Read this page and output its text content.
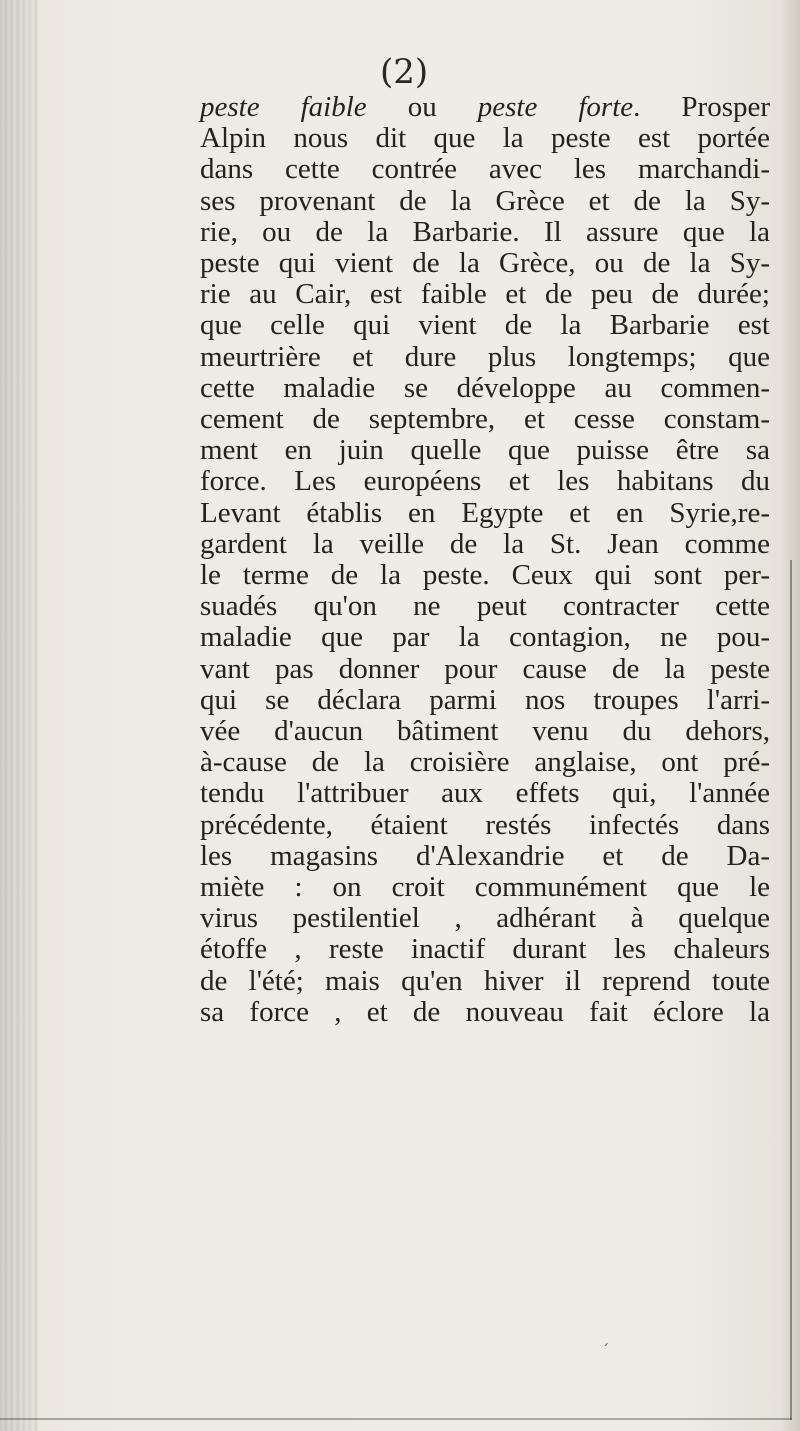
(2)

peste faible ou peste forte. Prosper
Alpin nous dit que la peste est portée
dans cette contrée avec les marchandi-
ses provenant de la Grèce et de la Sy-
rie, ou de la Barbarie. Il assure que la
peste qui vient de la Grèce, ou de la Sy-
rie au Cair, est faible et de peu de durée;
que celle qui vient de la Barbarie est
meurtrière et dure plus longtemps; que
cette maladie se développe au commen-
cement de septembre, et cesse constam-
ment en juin quelle que puisse être sa
force. Les européens et les habitans du
Levant établis en Egypte et en Syrie,re-
gardent la veille de la St. Jean comme
le terme de la peste. Ceux qui sont per-
suadés qu'on ne peut contracter cette
maladie que par la contagion, ne pou-
vant pas donner pour cause de la peste
qui se déclara parmi nos troupes l'arri-
vée d'aucun bâtiment venu du dehors,
à-cause de la croisière anglaise, ont pré-
tendu l'attribuer aux effets qui, l'année
précédente, étaient restés infectés dans
les magasins d'Alexandrie et de Da-
miète : on croit communément que le
virus pestilentiel , adhérant à quelque
étoffe , reste inactif durant les chaleurs
de l'été; mais qu'en hiver il reprend toute
sa force , et de nouveau fait éclore la
´
